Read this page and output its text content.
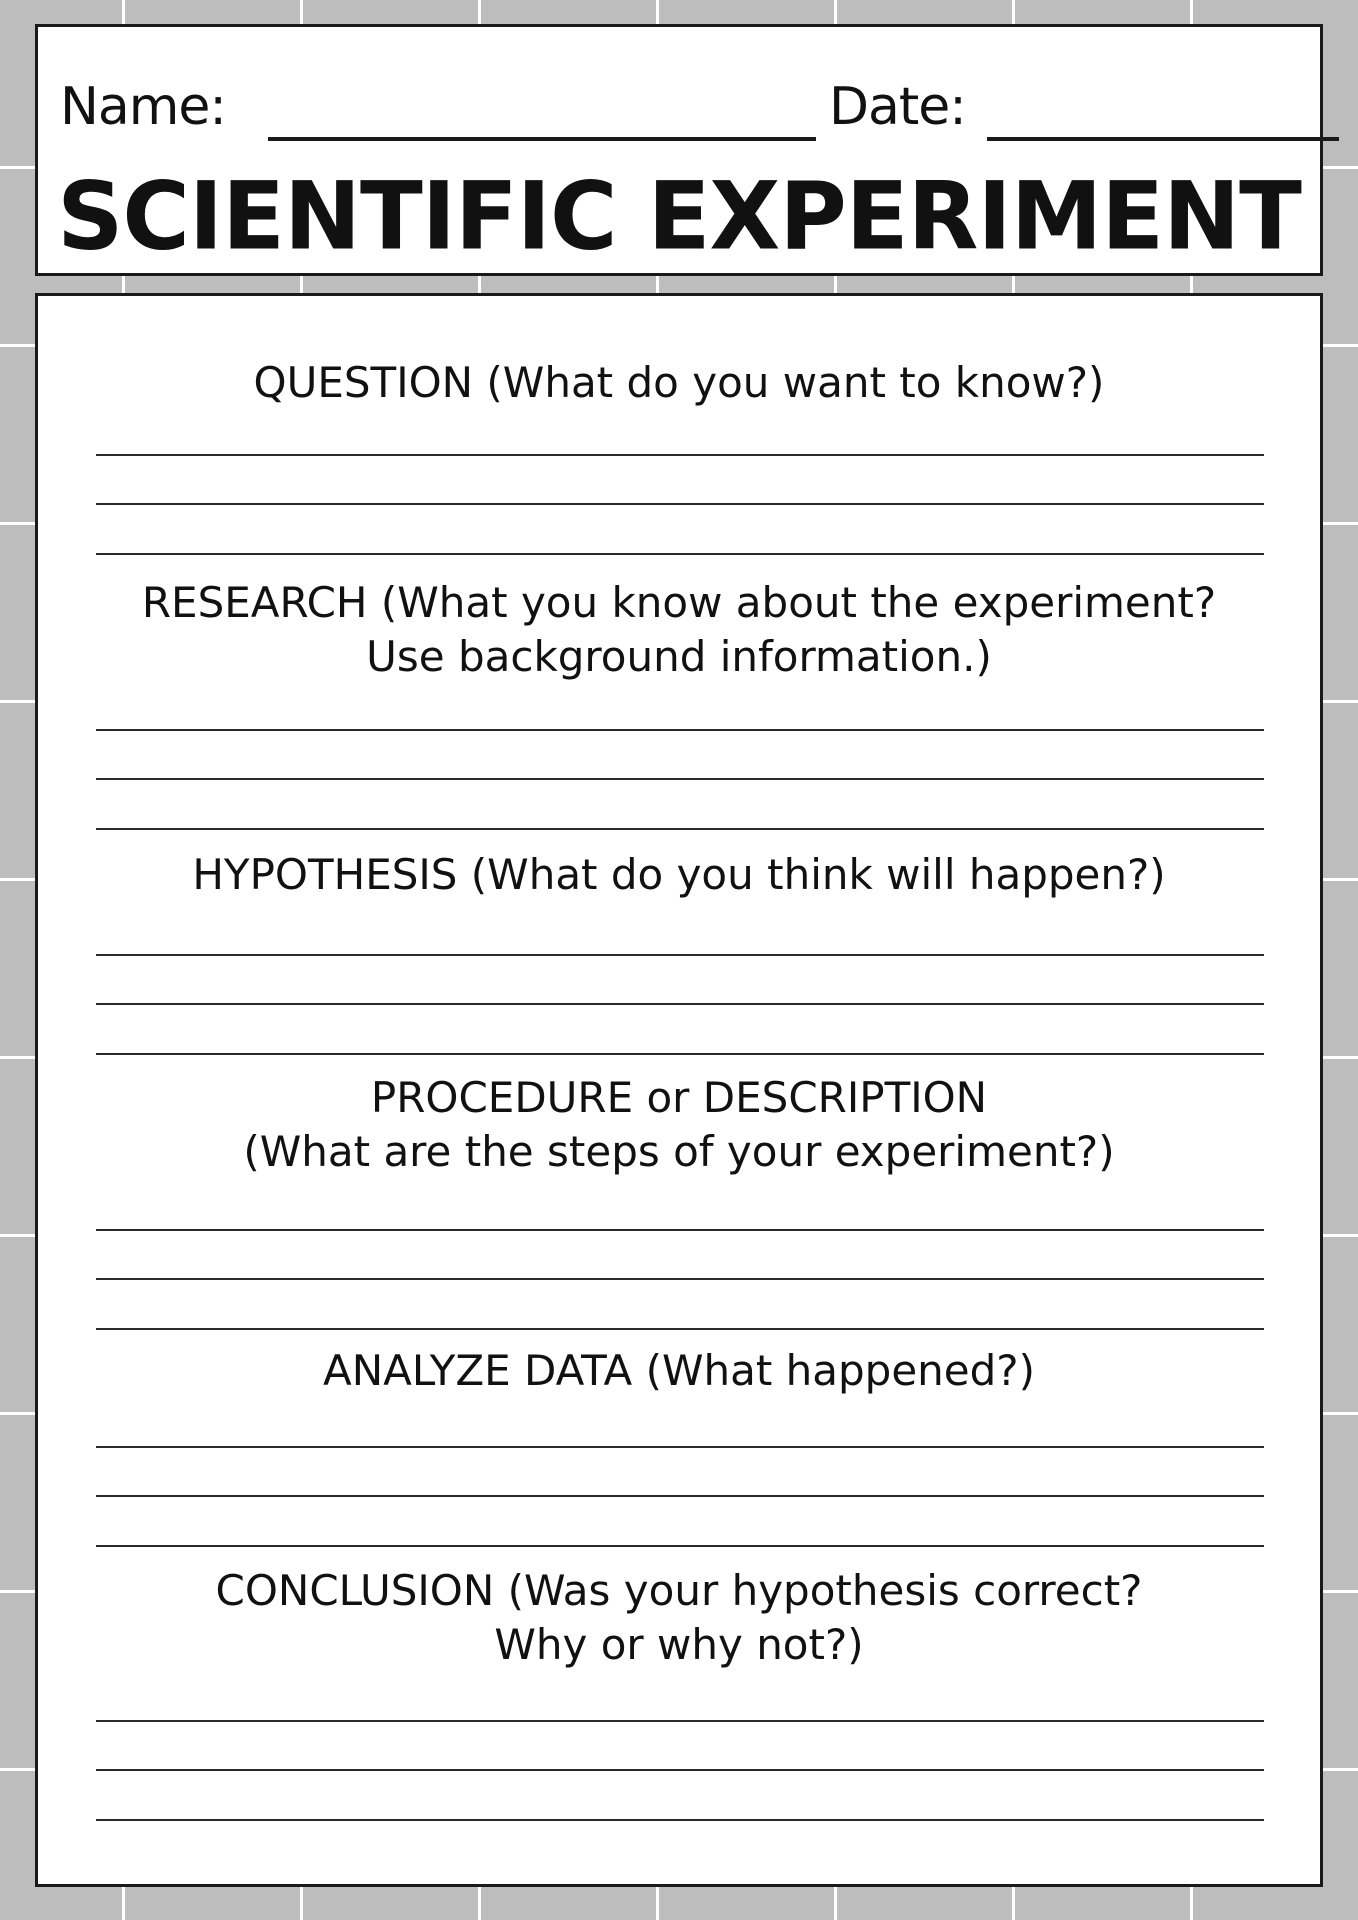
Name:	Date:
SCIENTIFIC EXPERIMENT
QUESTION (What do you want to know?)
RESEARCH (What you know about the experiment?
Use background information.)
HYPOTHESIS (What do you think will happen?)
PROCEDURE or DESCRIPTION
(What are the steps of your experiment?)
ANALYZE DATA (What happened?)
CONCLUSION (Was your hypothesis correct?
Why or why not?)
